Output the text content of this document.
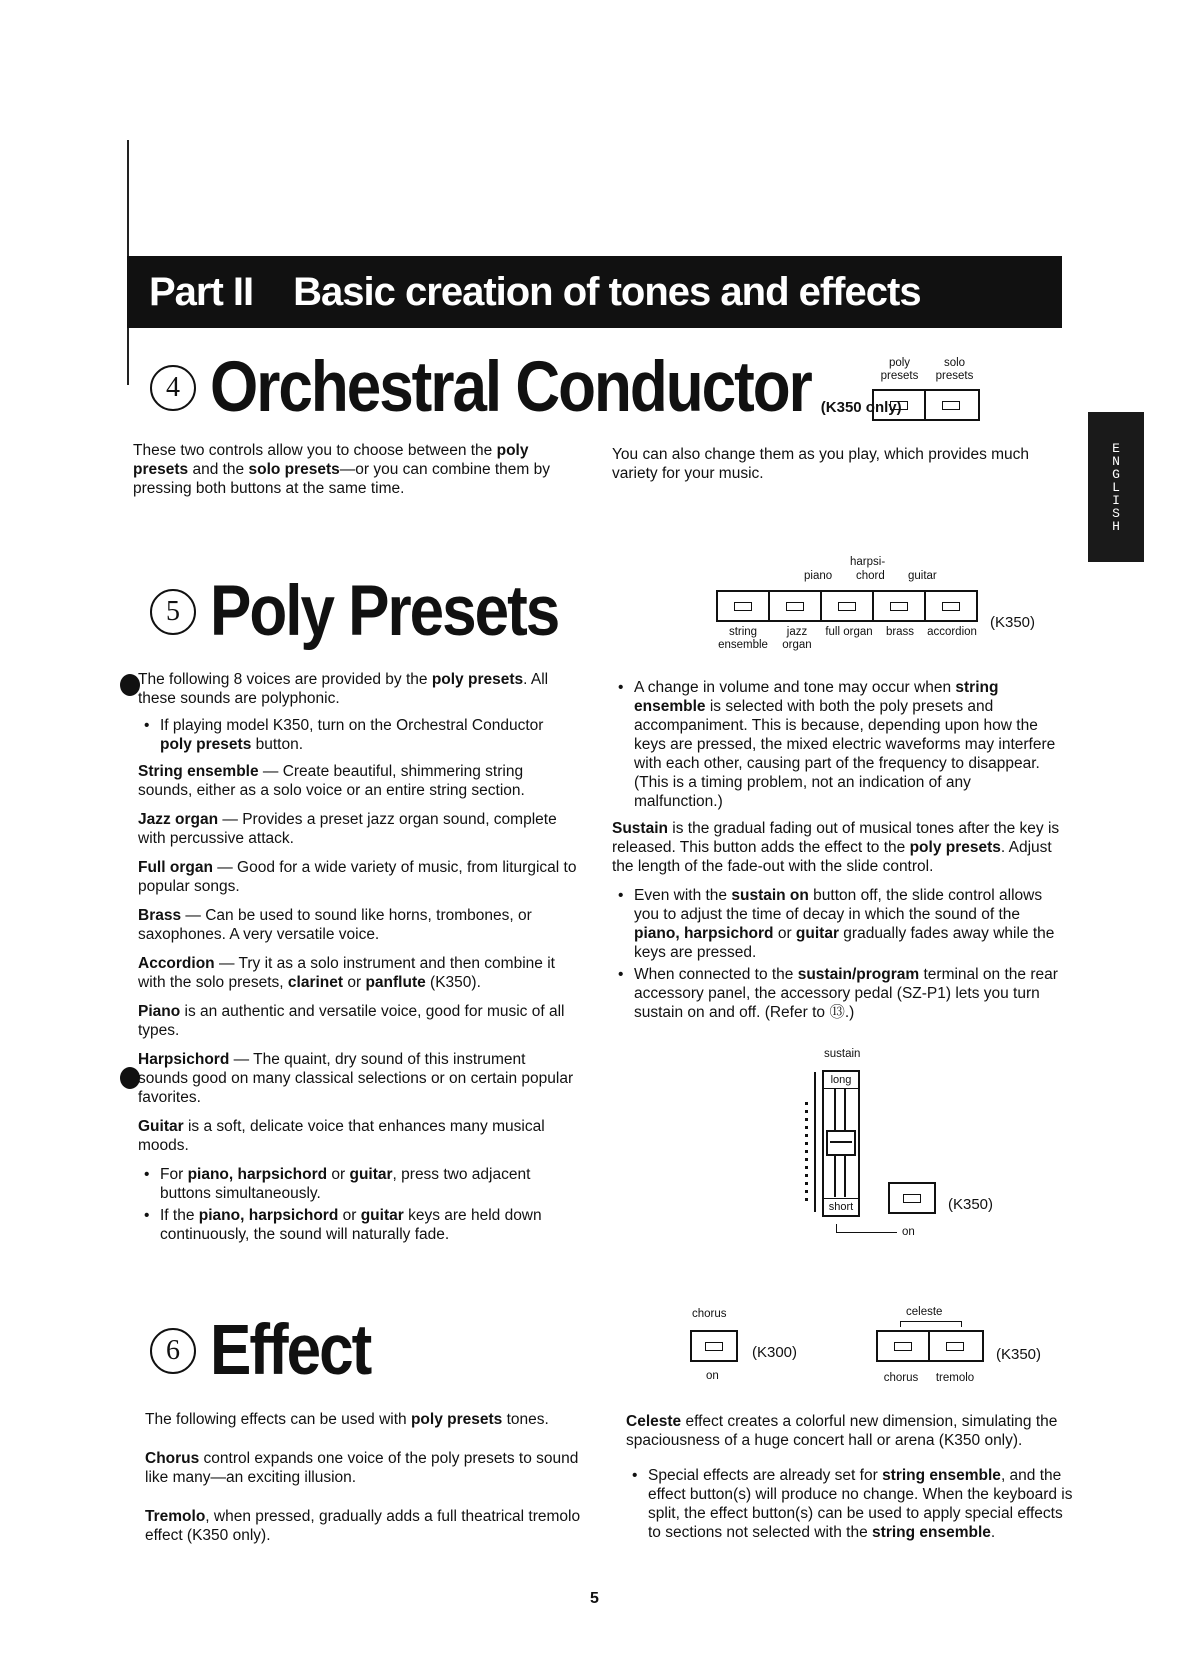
Part II Basic creation of tones and effects
ENGLISH
4 Orchestral Conductor (K350 only)
poly presets
solo presets

These two controls allow you to choose between the poly presets and the solo presets—or you can combine them by pressing both buttons at the same time.

You can also change them as you play, which provides much variety for your music.

5 Poly Presets
harpsi-
piano chord guitar
(K350)
string ensemble
jazz organ
full organ	brass	accordion

The following 8 voices are provided by the poly presets. All these sounds are polyphonic.

• If playing model K350, turn on the Orchestral Conductor poly presets button.

String ensemble — Create beautiful, shimmering string sounds, either as a solo voice or an entire string section.

Jazz organ — Provides a preset jazz organ sound, complete with percussive attack.

Full organ — Good for a wide variety of music, from liturgical to popular songs.

Brass — Can be used to sound like horns, trombones, or saxophones. A very versatile voice.

Accordion — Try it as a solo instrument and then combine it with the solo presets, clarinet or panflute (K350).

Piano is an authentic and versatile voice, good for music of all types.

Harpsichord — The quaint, dry sound of this instrument sounds good on many classical selections or on certain popular favorites.

Guitar is a soft, delicate voice that enhances many musical moods.

• For piano, harpsichord or guitar, press two adjacent buttons simultaneously.
• If the piano, harpsichord or guitar keys are held down continuously, the sound will naturally fade.
• A change in volume and tone may occur when string ensemble is selected with both the poly presets and accompaniment. This is because, depending upon how the keys are pressed, the mixed electric waveforms may interfere with each other, causing part of the frequency to disappear. (This is a timing problem, not an indication of any malfunction.)

Sustain is the gradual fading out of musical tones after the key is released. This button adds the effect to the poly presets. Adjust the length of the fade-out with the slide control.

• Even with the sustain on button off, the slide control allows you to adjust the time of decay in which the sound of the piano, harpsichord or guitar gradually fades away while the keys are pressed.
• When connected to the sustain/program terminal on the rear accessory panel, the accessory pedal (SZ-P1) lets you turn sustain on and off. (Refer to ⑬.)
sustain
long
short	(K350)
on
6 Effect	chorus
(K300)
on
celeste
(K350)
chorus	tremolo

The following effects can be used with poly presets tones.

Chorus control expands one voice of the poly presets to sound like many—an exciting illusion.

Tremolo, when pressed, gradually adds a full theatrical tremolo effect (K350 only).

Celeste effect creates a colorful new dimension, simulating the spaciousness of a huge concert hall or arena (K350 only).

• Special effects are already set for string ensemble, and the effect button(s) will produce no change. When the keyboard is split, the effect button(s) can be used to apply special effects to sections not selected with the string ensemble.
5
